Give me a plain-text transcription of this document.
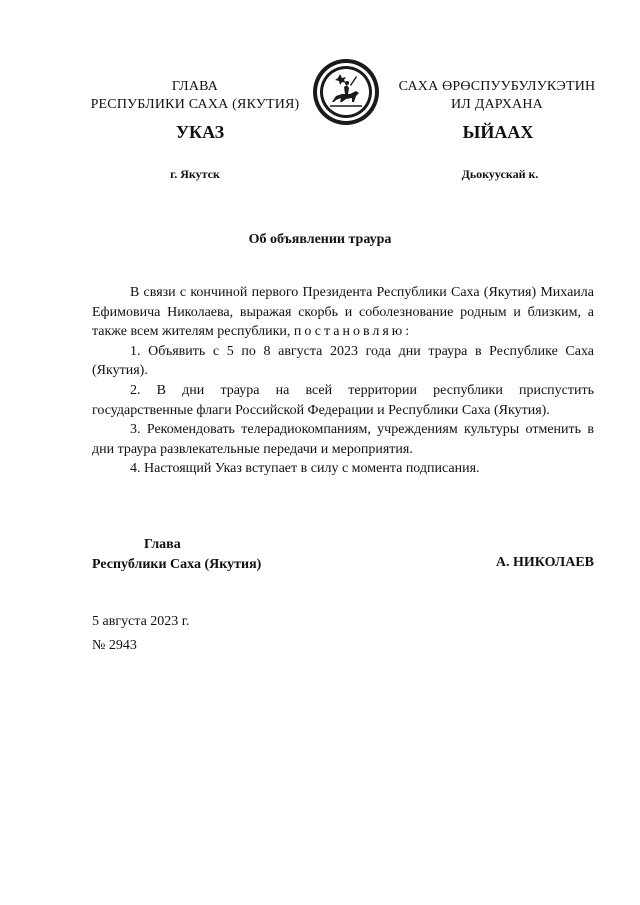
ГЛАВА
РЕСПУБЛИКИ САХА (ЯКУТИЯ)
САХА ӨРӨСПУУБУЛУКЭТИН
ИЛ ДАРХАНА
УКАЗ	ЫЙААХ
г. Якутск	Дьокуускай к.
Об объявлении траура

В связи с кончиной первого Президента Республики Саха (Якутия) Михаила Ефимовича Николаева, выражая скорбь и соболезнование родным и близким, а также всем жителям республики, постановляю:

1. Объявить с 5 по 8 августа 2023 года дни траура в Республике Саха (Якутия).

2. В дни траура на всей территории республики приспустить государственные флаги Российской Федерации и Республики Саха (Якутия).

3. Рекомендовать телерадиокомпаниям, учреждениям культуры отменить в дни траура развлекательные передачи и мероприятия.

4. Настоящий Указ вступает в силу с момента подписания.

Глава
Республики Саха (Якутия)	А. НИКОЛАЕВ
5 августа 2023 г.
№ 2943
